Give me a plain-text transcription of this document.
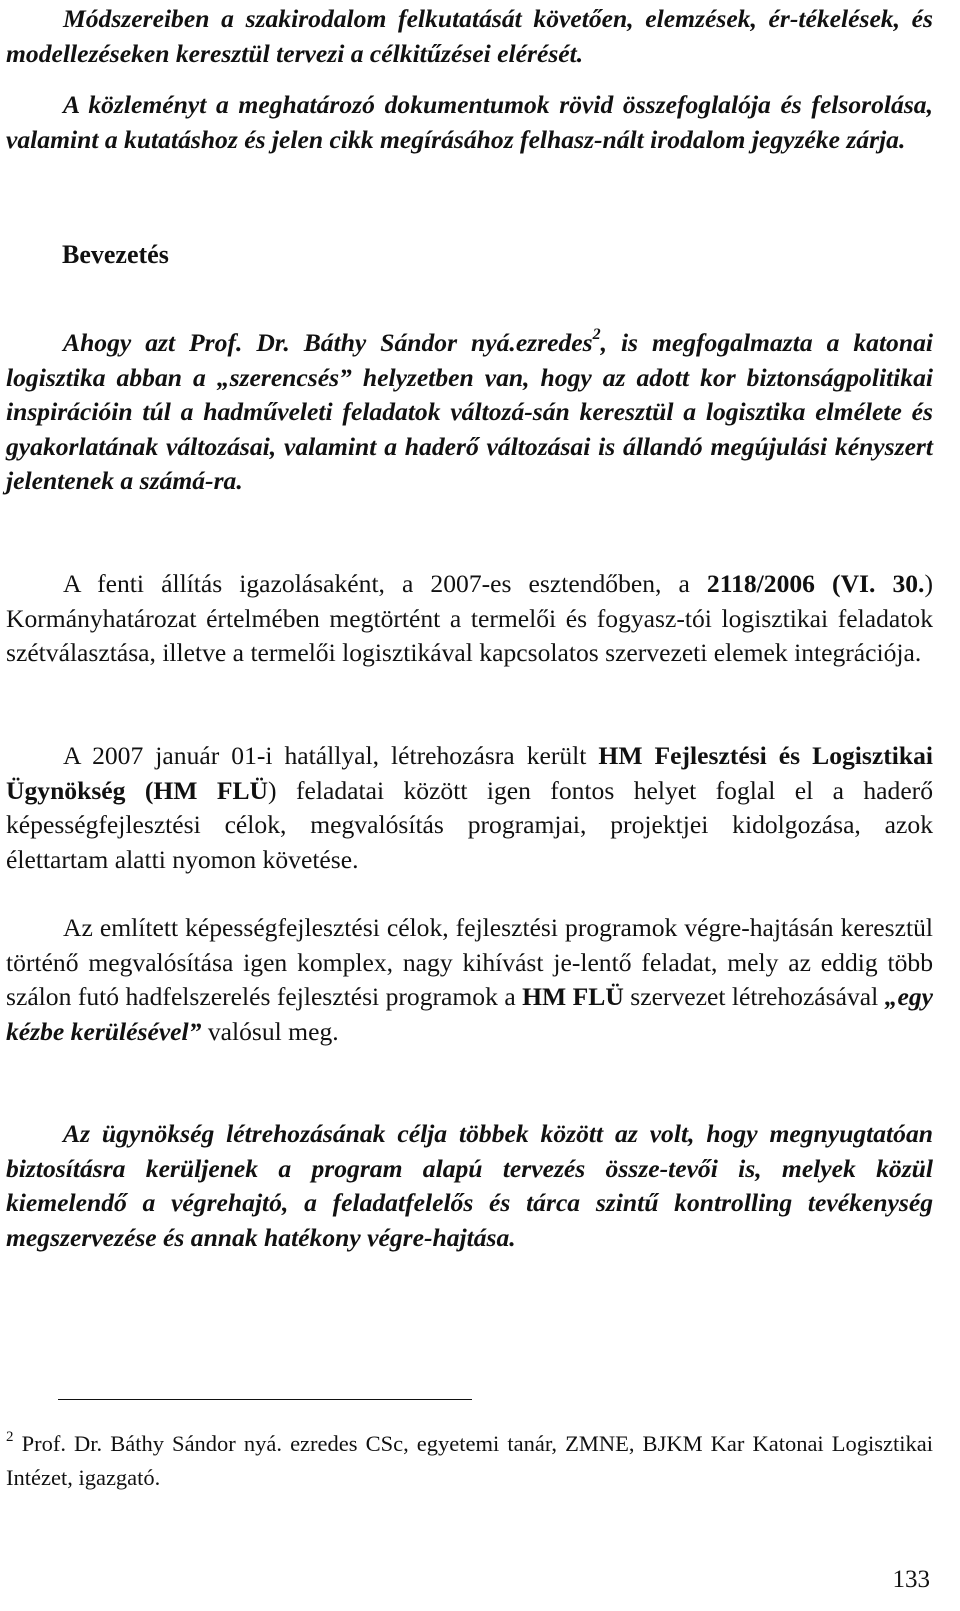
Módszereiben a szakirodalom felkutatását követően, elemzések, ér-tékelések, és modellezéseken keresztül tervezi a célkitűzései elérését.

A közleményt a meghatározó dokumentumok rövid összefoglalója és felsorolása, valamint a kutatáshoz és jelen cikk megírásához felhasz-nált irodalom jegyzéke zárja.

Bevezetés

Ahogy azt Prof. Dr. Báthy Sándor nyá.ezredes$^2$, is megfogalmazta a katonai logisztika abban a „szerencsés” helyzetben van, hogy az adott kor biztonságpolitikai inspirációin túl a hadműveleti feladatok változá-sán keresztül a logisztika elmélete és gyakorlatának változásai, valamint a haderő változásai is állandó megújulási kényszert jelentenek a számá-ra.

A fenti állítás igazolásaként, a 2007-es esztendőben, a 2118/2006 (VI. 30.) Kormányhatározat értelmében megtörtént a termelői és fogyasz-tói logisztikai feladatok szétválasztása, illetve a termelői logisztikával kapcsolatos szervezeti elemek integrációja.

A 2007 január 01-i hatállyal, létrehozásra került HM Fejlesztési és Logisztikai Ügynökség (HM FLÜ) feladatai között igen fontos helyet foglal el a haderő képességfejlesztési célok, megvalósítás programjai, projektjei kidolgozása, azok élettartam alatti nyomon követése.

Az említett képességfejlesztési célok, fejlesztési programok végre-hajtásán keresztül történő megvalósítása igen komplex, nagy kihívást je-lentő feladat, mely az eddig több szálon futó hadfelszerelés fejlesztési programok a HM FLÜ szervezet létrehozásával „egy kézbe kerülésével” valósul meg.

Az ügynökség létrehozásának célja többek között az volt, hogy megnyugtatóan biztosításra kerüljenek a program alapú tervezés össze-tevői is, melyek közül kiemelendő a végrehajtó, a feladatfelelős és tárca szintű kontrolling tevékenység megszervezése és annak hatékony végre-hajtása.

$^2$ Prof. Dr. Báthy Sándor nyá. ezredes CSc, egyetemi tanár, ZMNE, BJKM Kar Katonai Logisztikai Intézet, igazgató.
133
